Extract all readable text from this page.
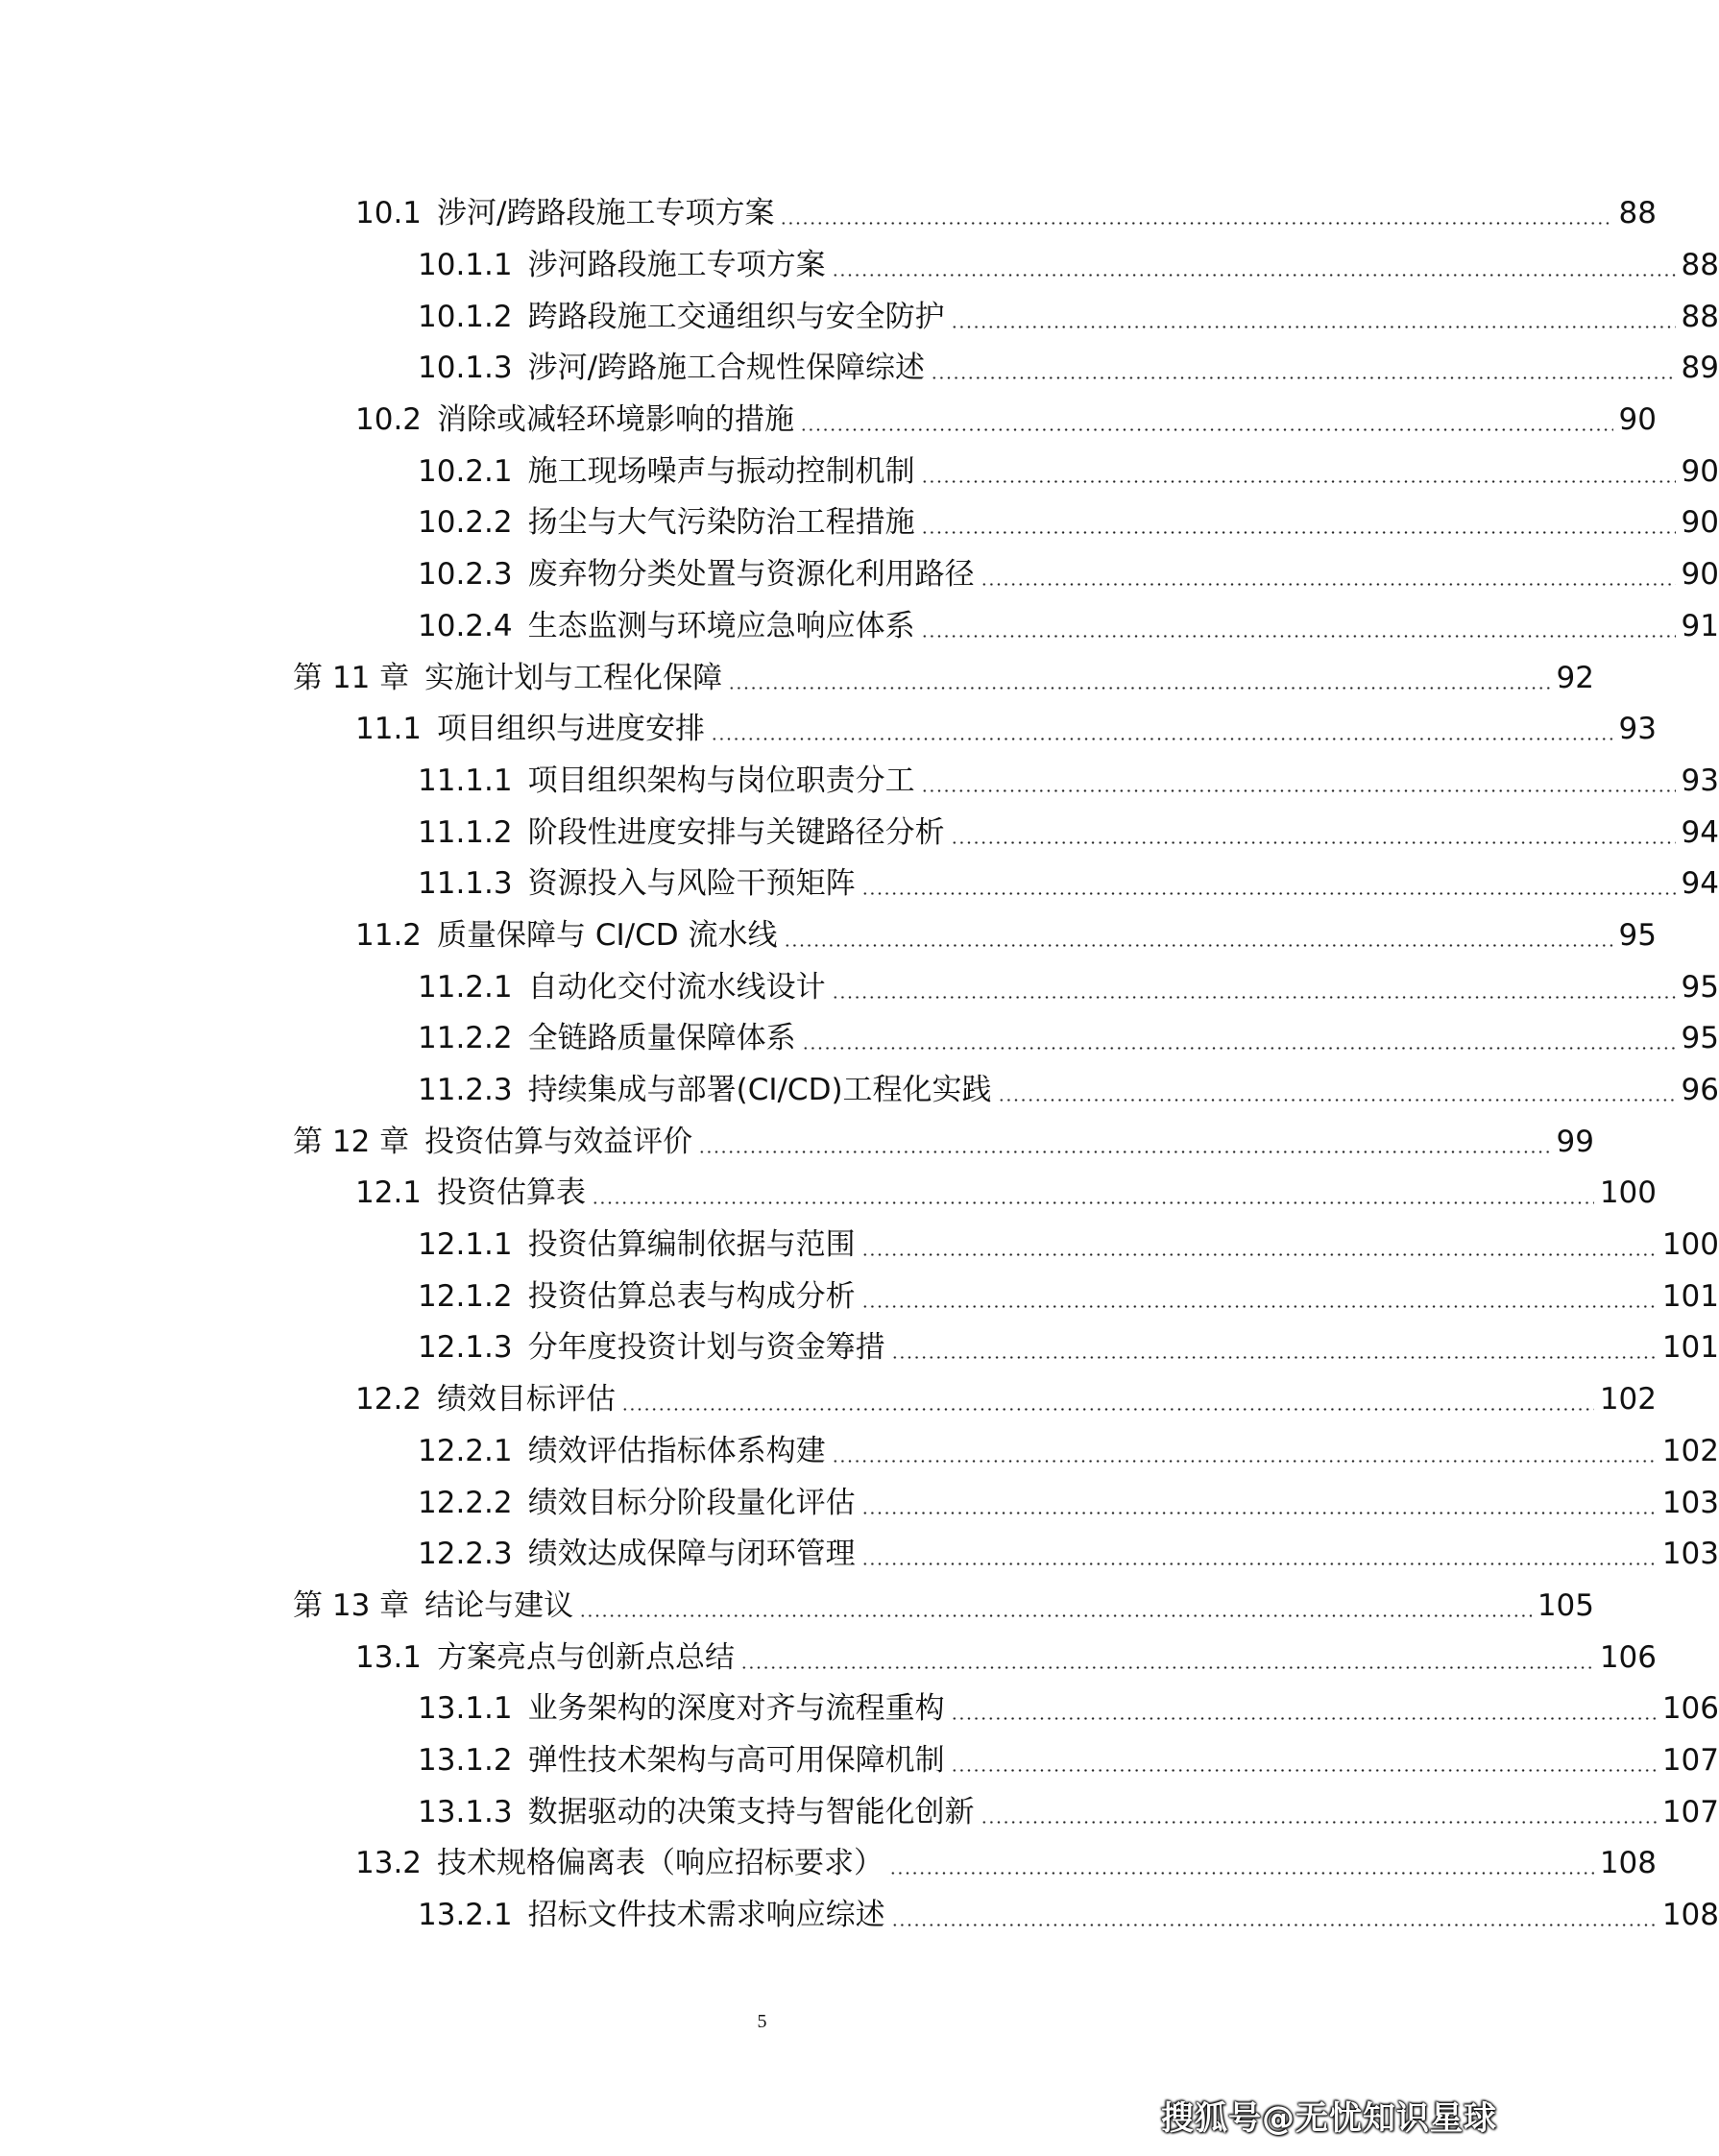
10.1 涉河/跨路段施工专项方案	88
10.1.1 涉河路段施工专项方案	88
10.1.2 跨路段施工交通组织与安全防护	88
10.1.3 涉河/跨路施工合规性保障综述	89
10.2 消除或减轻环境影响的措施	90
10.2.1 施工现场噪声与振动控制机制	90
10.2.2 扬尘与大气污染防治工程措施	90
10.2.3 废弃物分类处置与资源化利用路径	90
10.2.4 生态监测与环境应急响应体系	91
第 11 章 实施计划与工程化保障	92
11.1 项目组织与进度安排	93
11.1.1 项目组织架构与岗位职责分工	93
11.1.2 阶段性进度安排与关键路径分析	94
11.1.3 资源投入与风险干预矩阵	94
11.2 质量保障与 CI/CD 流水线	95
11.2.1 自动化交付流水线设计	95
11.2.2 全链路质量保障体系	95
11.2.3 持续集成与部署(CI/CD)工程化实践	96
第 12 章 投资估算与效益评价	99
12.1 投资估算表	100
12.1.1 投资估算编制依据与范围	100
12.1.2 投资估算总表与构成分析	101
12.1.3 分年度投资计划与资金筹措	101
12.2 绩效目标评估	102
12.2.1 绩效评估指标体系构建	102
12.2.2 绩效目标分阶段量化评估	103
12.2.3 绩效达成保障与闭环管理	103
第 13 章 结论与建议	105
13.1 方案亮点与创新点总结	106
13.1.1 业务架构的深度对齐与流程重构	106
13.1.2 弹性技术架构与高可用保障机制	107
13.1.3 数据驱动的决策支持与智能化创新	107
13.2 技术规格偏离表（响应招标要求）	108
13.2.1 招标文件技术需求响应综述	108
5
搜狐号@无忧知识星球
